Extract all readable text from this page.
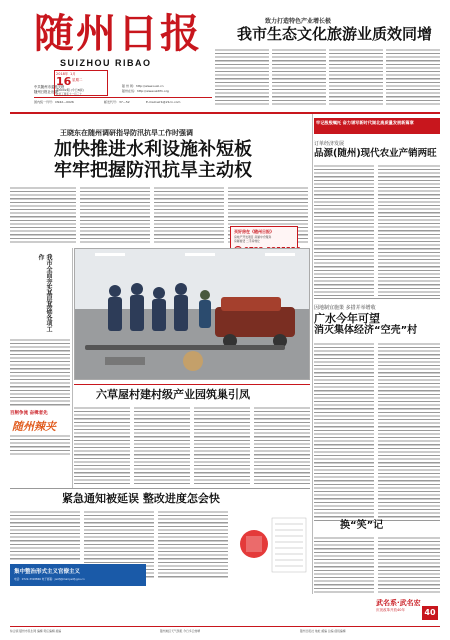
随州日报
SUIZHOU RIBAO
2018年 1月
16 星期二
第6002期 (今日8版)
农历丁酉年十一月三十
中共随州市委机关报
随州日报社出版
随 州 网：http://www.suiz.cn
随州在线：http://www.szdlfx.org
国内统一刊号：CN42—0026	邮发代号：37—52	E-mail:szrb@21cn.com
致力打造特色产业增长极
我市生态文化旅游业质效同增
王晓东在随州调研指导防汛抗旱工作时强调
加快推进水利设施补短板
牢牢把握防汛抗旱主动权
买好房在《随州日报》
房地产开发项目 房屋中介服务
房屋租赁 二手房转让
牢记殷殷嘱托 奋力谱写新时代湖北高质量发展新篇章
订单经济发展
品源(随州)现代农业产销两旺
因地制宜施策 多措并举增收
广水今年可望
消灭集体经济“空壳”村
我市全面夯实基层基础各项工作
百舸争流 奋楫者先
随州辣夹
六草屋村建村级产业园筑巢引凤
换“笑”记
紧急通知被延误 整改进度怎会快
集中整治形式主义官僚主义
电话：0722-3318866 电子邮箱：jwzfj@mail.jwzfj.gov.cn
武名系·武名宏
庆祝改革开放40年	40
综合版·随州市民生网 编辑 责任编辑 美编	随州地区天气预报 今日多云转晴	随州日报社 地址 邮编 总编 值班编辑
